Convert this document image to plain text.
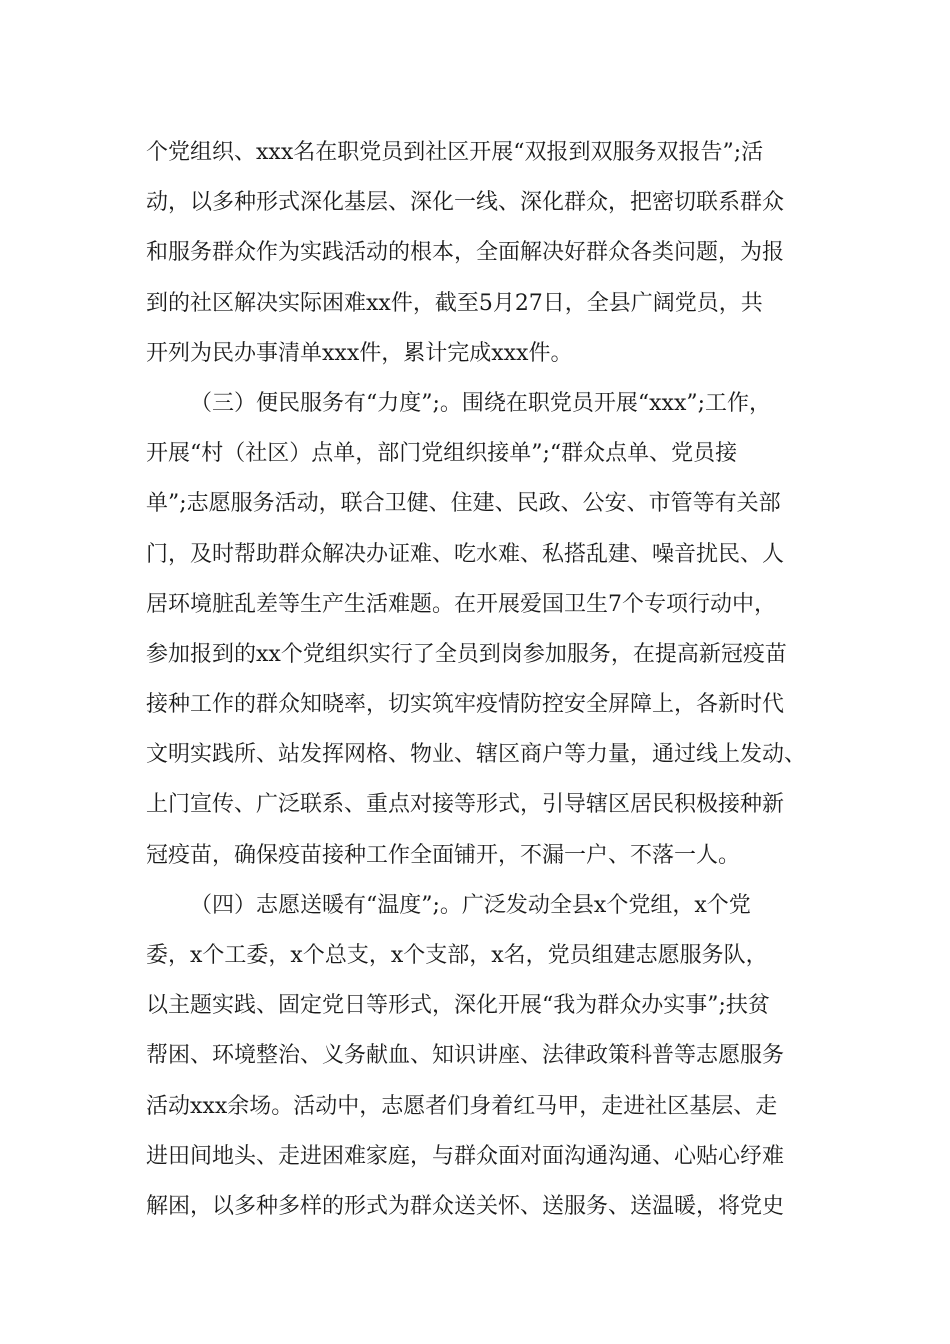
个党组织、xxx名在职党员到社区开展“双报到双服务双报告”;活
动，以多种形式深化基层、深化一线、深化群众，把密切联系群众
和服务群众作为实践活动的根本，全面解决好群众各类问题，为报
到的社区解决实际困难xx件，截至5月27日，全县广阔党员，共
开列为民办事清单xxx件，累计完成xxx件。
（三）便民服务有“力度”;。围绕在职党员开展“xxx”;工作，
开展“村（社区）点单，部门党组织接单”;“群众点单、党员接
单”;志愿服务活动，联合卫健、住建、民政、公安、市管等有关部
门，及时帮助群众解决办证难、吃水难、私搭乱建、噪音扰民、人
居环境脏乱差等生产生活难题。在开展爱国卫生7个专项行动中，
参加报到的xx个党组织实行了全员到岗参加服务，在提高新冠疫苗
接种工作的群众知晓率，切实筑牢疫情防控安全屏障上，各新时代
文明实践所、站发挥网格、物业、辖区商户等力量，通过线上发动、
上门宣传、广泛联系、重点对接等形式，引导辖区居民积极接种新
冠疫苗，确保疫苗接种工作全面铺开，不漏一户、不落一人。
（四）志愿送暖有“温度”;。广泛发动全县x个党组，x个党
委，x个工委，x个总支，x个支部，x名，党员组建志愿服务队，
以主题实践、固定党日等形式，深化开展“我为群众办实事”;扶贫
帮困、环境整治、义务献血、知识讲座、法律政策科普等志愿服务
活动xxx余场。活动中，志愿者们身着红马甲，走进社区基层、走
进田间地头、走进困难家庭，与群众面对面沟通沟通、心贴心纾难
解困，以多种多样的形式为群众送关怀、送服务、送温暖，将党史
